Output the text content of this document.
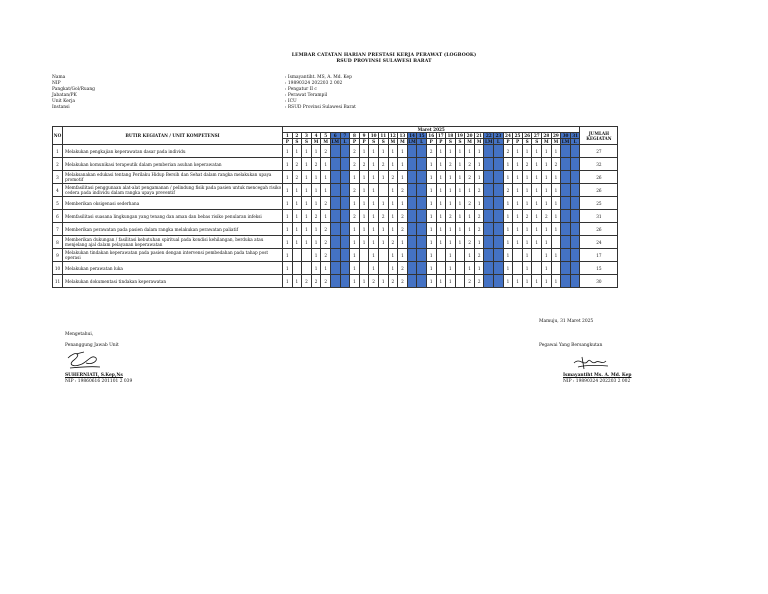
LEMBAR CATATAN HARIAN PRESTASI KERJA PERAWAT (LOGBOOK)
RSUD PROVINSI SULAWESI BARAT
Nama	: Ismayantiht. MS, A. Md. Kep
NIP	: 19890324 202203 2 002
Pangkat/Gol/Ruang	: Pengatur II c
Jabatan/PK	: Perawat Terampil
Unit Kerja	: ICU
Instansi	: RSUD Provinsi Sulawesi Barat
NO	BUTIR KEGIATAN / UNIT KOMPETENSI	Maret 2025																															JUMLAH KEGIATAN
		1	2	3	4	5	6	7	8	9	10	11	12	13	14	15	16	17	18	19	20	21	22	23	24	25	26	27	28	29	30	31	
		P	S	S	M	M	LM	L	P	P	S	S	M	M	LM	L	P	P	S	S	M	M	LM	L	P	P	S	S	M	M	LM	L	
1	Melakukan pengkajian keperawatan dasar pada individu	1	1	1	1	2			2	1	1	1	1	1			2	1	1	1	1	1			2	1	1	1	1	1			27
2	Melakukan komunikasi terapeutik dalam pemberian asuhan keperawatan	1	2	1	2	1			2	2	1	2	1	1			1	1	2	1	2	1			1	1	2	1	1	2			32
3	Melaksanakan edukasi tentang Perilaku Hidup Bersih dan Sehat dalam rangka melakukan upaya promotif	1	2	1	1	1			1	1	1	1	2	1			1	1	1	1	2	1			1	1	1	1	1	1			26
4	Memfasilitasi penggunaan alat-alat pengamanan / pelindung fisik pada pasien untuk mencegah risiko cedera pada individu dalam rangka upaya preventif	1	1	1	1	1			2	1	1		1	2			1	1	1	1	1	2			2	1	1	1	1	1			26
5	Memberikan oksigenasi sederhana	1	1	1	1	2			1	1	1	1	1	1			1	1	1	1	2	1			1	1	1	1	1	1			25
6	Memfasilitasi suasana lingkungan yang tenang dan aman dan bebas risiko penularan infeksi	1	1	1	2	1			2	1	1	2	1	2			1	1	2	1	1	2			1	1	2	1	2	1			31
7	Memberikan perawatan pada pasien dalam rangka melakukan perawatan paliatif	1	1	1	1	2			1	1	1	1	1	2			1	1	1	1	1	2			1	1	1	1	1	1			26
8	Memberikan dukungan / fasilitasi kebutuhan spiritual pada kondisi kehilangan, berduka atau menjelang ajal dalam pelayanan keperawatan	1	1	1	1	2			1	1	1	1	2	1			1	1	1	1	2	1			1	1	1	1	1				24
9	Melakukan tindakan keperawatan pada pasien dengan intervensi pembedahan pada tahap post operasi	1			1	2			1		1		1	1			1		1		1	2			1		1		1	1			17
10	Melakukan perawatan luka	1			1	1			1		1		1	2			1		1		1	1			1		1		1				15
11	Melakukan dokumentasi tindakan keperawatan	1	1	2	2	2			1	1	2	1	2	2			1	1	1		2	2			1	1	1	1	1	1			30
Mamuju, 31 Maret 2025
Mengetahui,
Penanggung Jawab Unit
SUHERNIATI, S.Kep,Ns
NIP : 19860616 201101 2 039
Pegawai Yang Bersangkutan
Ismayantiht Ms. A. Md. Kep
NIP : 19890324 202203 2 002
